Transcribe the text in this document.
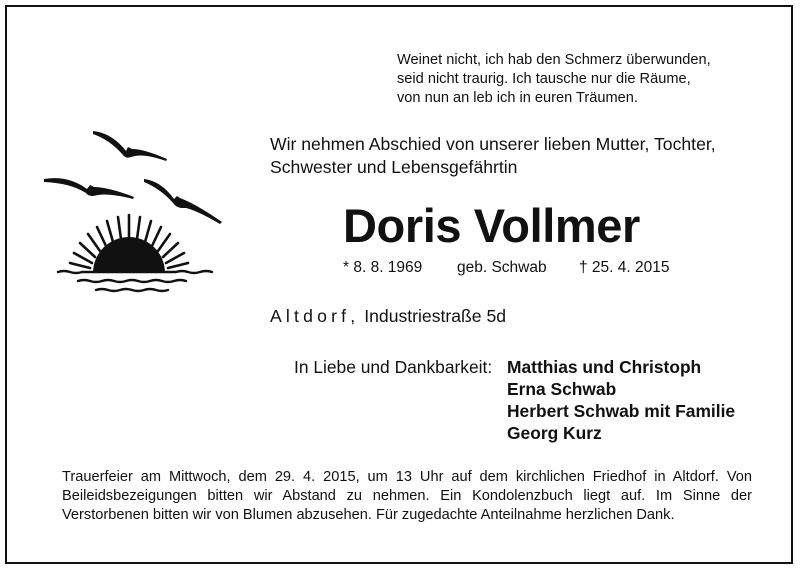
Weinet nicht, ich hab den Schmerz überwunden,
seid nicht traurig. Ich tausche nur die Räume,
von nun an leb ich in euren Träumen.
Wir nehmen Abschied von unserer lieben Mutter, Tochter,
Schwester und Lebensgefährtin
Doris Vollmer
* 8. 8. 1969 geb. Schwab † 25. 4. 2015
Altdorf, Industriestraße 5d
In Liebe und Dankbarkeit: Matthias und Christoph
Erna Schwab
Herbert Schwab mit Familie
Georg Kurz
Trauerfeier am Mittwoch, dem 29. 4. 2015, um 13 Uhr auf dem kirchlichen Friedhof in Altdorf. Von Beileidsbezeigungen bitten wir Abstand zu nehmen. Ein Kondolenzbuch liegt auf. Im Sinne der Verstorbenen bitten wir von Blumen abzusehen. Für zugedachte Anteilnahme herzlichen Dank.
